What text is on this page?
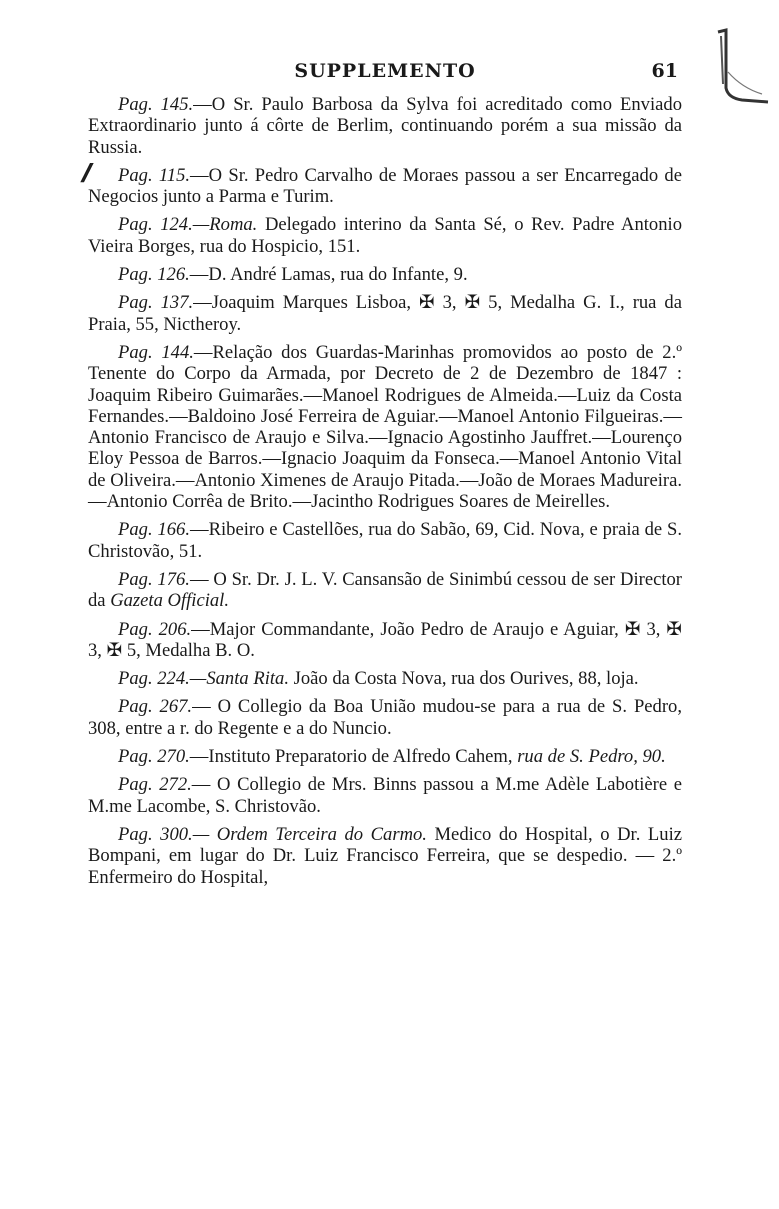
SUPPLEMENTO	61

Pag. 145.—O Sr. Paulo Barbosa da Sylva foi acreditado como Enviado Extraordinario junto á côrte de Berlim, continuando porém a sua missão da Russia.

// Pag. 115.—O Sr. Pedro Carvalho de Moraes passou a ser Encarregado de Negocios junto a Parma e Turim.

Pag. 124.—Roma. Delegado interino da Santa Sé, o Rev. Padre Antonio Vieira Borges, rua do Hospicio, 151.

Pag. 126.—D. André Lamas, rua do Infante, 9.

Pag. 137.—Joaquim Marques Lisboa, ✠ 3, ✠ 5, Medalha G. I., rua da Praia, 55, Nictheroy.

Pag. 144.—Relação dos Guardas-Marinhas promovidos ao posto de 2.º Tenente do Corpo da Armada, por Decreto de 2 de Dezembro de 1847 : Joaquim Ribeiro Guimarães.—Manoel Rodrigues de Almeida.—Luiz da Costa Fernandes.—Baldoino José Ferreira de Aguiar.—Manoel Antonio Filgueiras.—Antonio Francisco de Araujo e Silva.—Ignacio Agostinho Jauffret.—Lourenço Eloy Pessoa de Barros.—Ignacio Joaquim da Fonseca.—Manoel Antonio Vital de Oliveira.—Antonio Ximenes de Araujo Pitada.—João de Moraes Madureira.—Antonio Corrêa de Brito.—Jacintho Rodrigues Soares de Meirelles.

Pag. 166.—Ribeiro e Castellões, rua do Sabão, 69, Cid. Nova, e praia de S. Christovão, 51.

Pag. 176.— O Sr. Dr. J. L. V. Cansansão de Sinimbú cessou de ser Director da Gazeta Official.

Pag. 206.—Major Commandante, João Pedro de Araujo e Aguiar, ✠ 3, ✠ 3, ✠ 5, Medalha B. O.

Pag. 224.—Santa Rita. João da Costa Nova, rua dos Ourives, 88, loja.

Pag. 267.— O Collegio da Boa União mudou-se para a rua de S. Pedro, 308, entre a r. do Regente e a do Nuncio.

Pag. 270.—Instituto Preparatorio de Alfredo Cahem, rua de S. Pedro, 90.

Pag. 272.— O Collegio de Mrs. Binns passou a M.me Adèle Labotière e M.me Lacombe, S. Christovão.

Pag. 300.— Ordem Terceira do Carmo. Medico do Hospital, o Dr. Luiz Bompani, em lugar do Dr. Luiz Francisco Ferreira, que se despedio. — 2.º Enfermeiro do Hospital,
